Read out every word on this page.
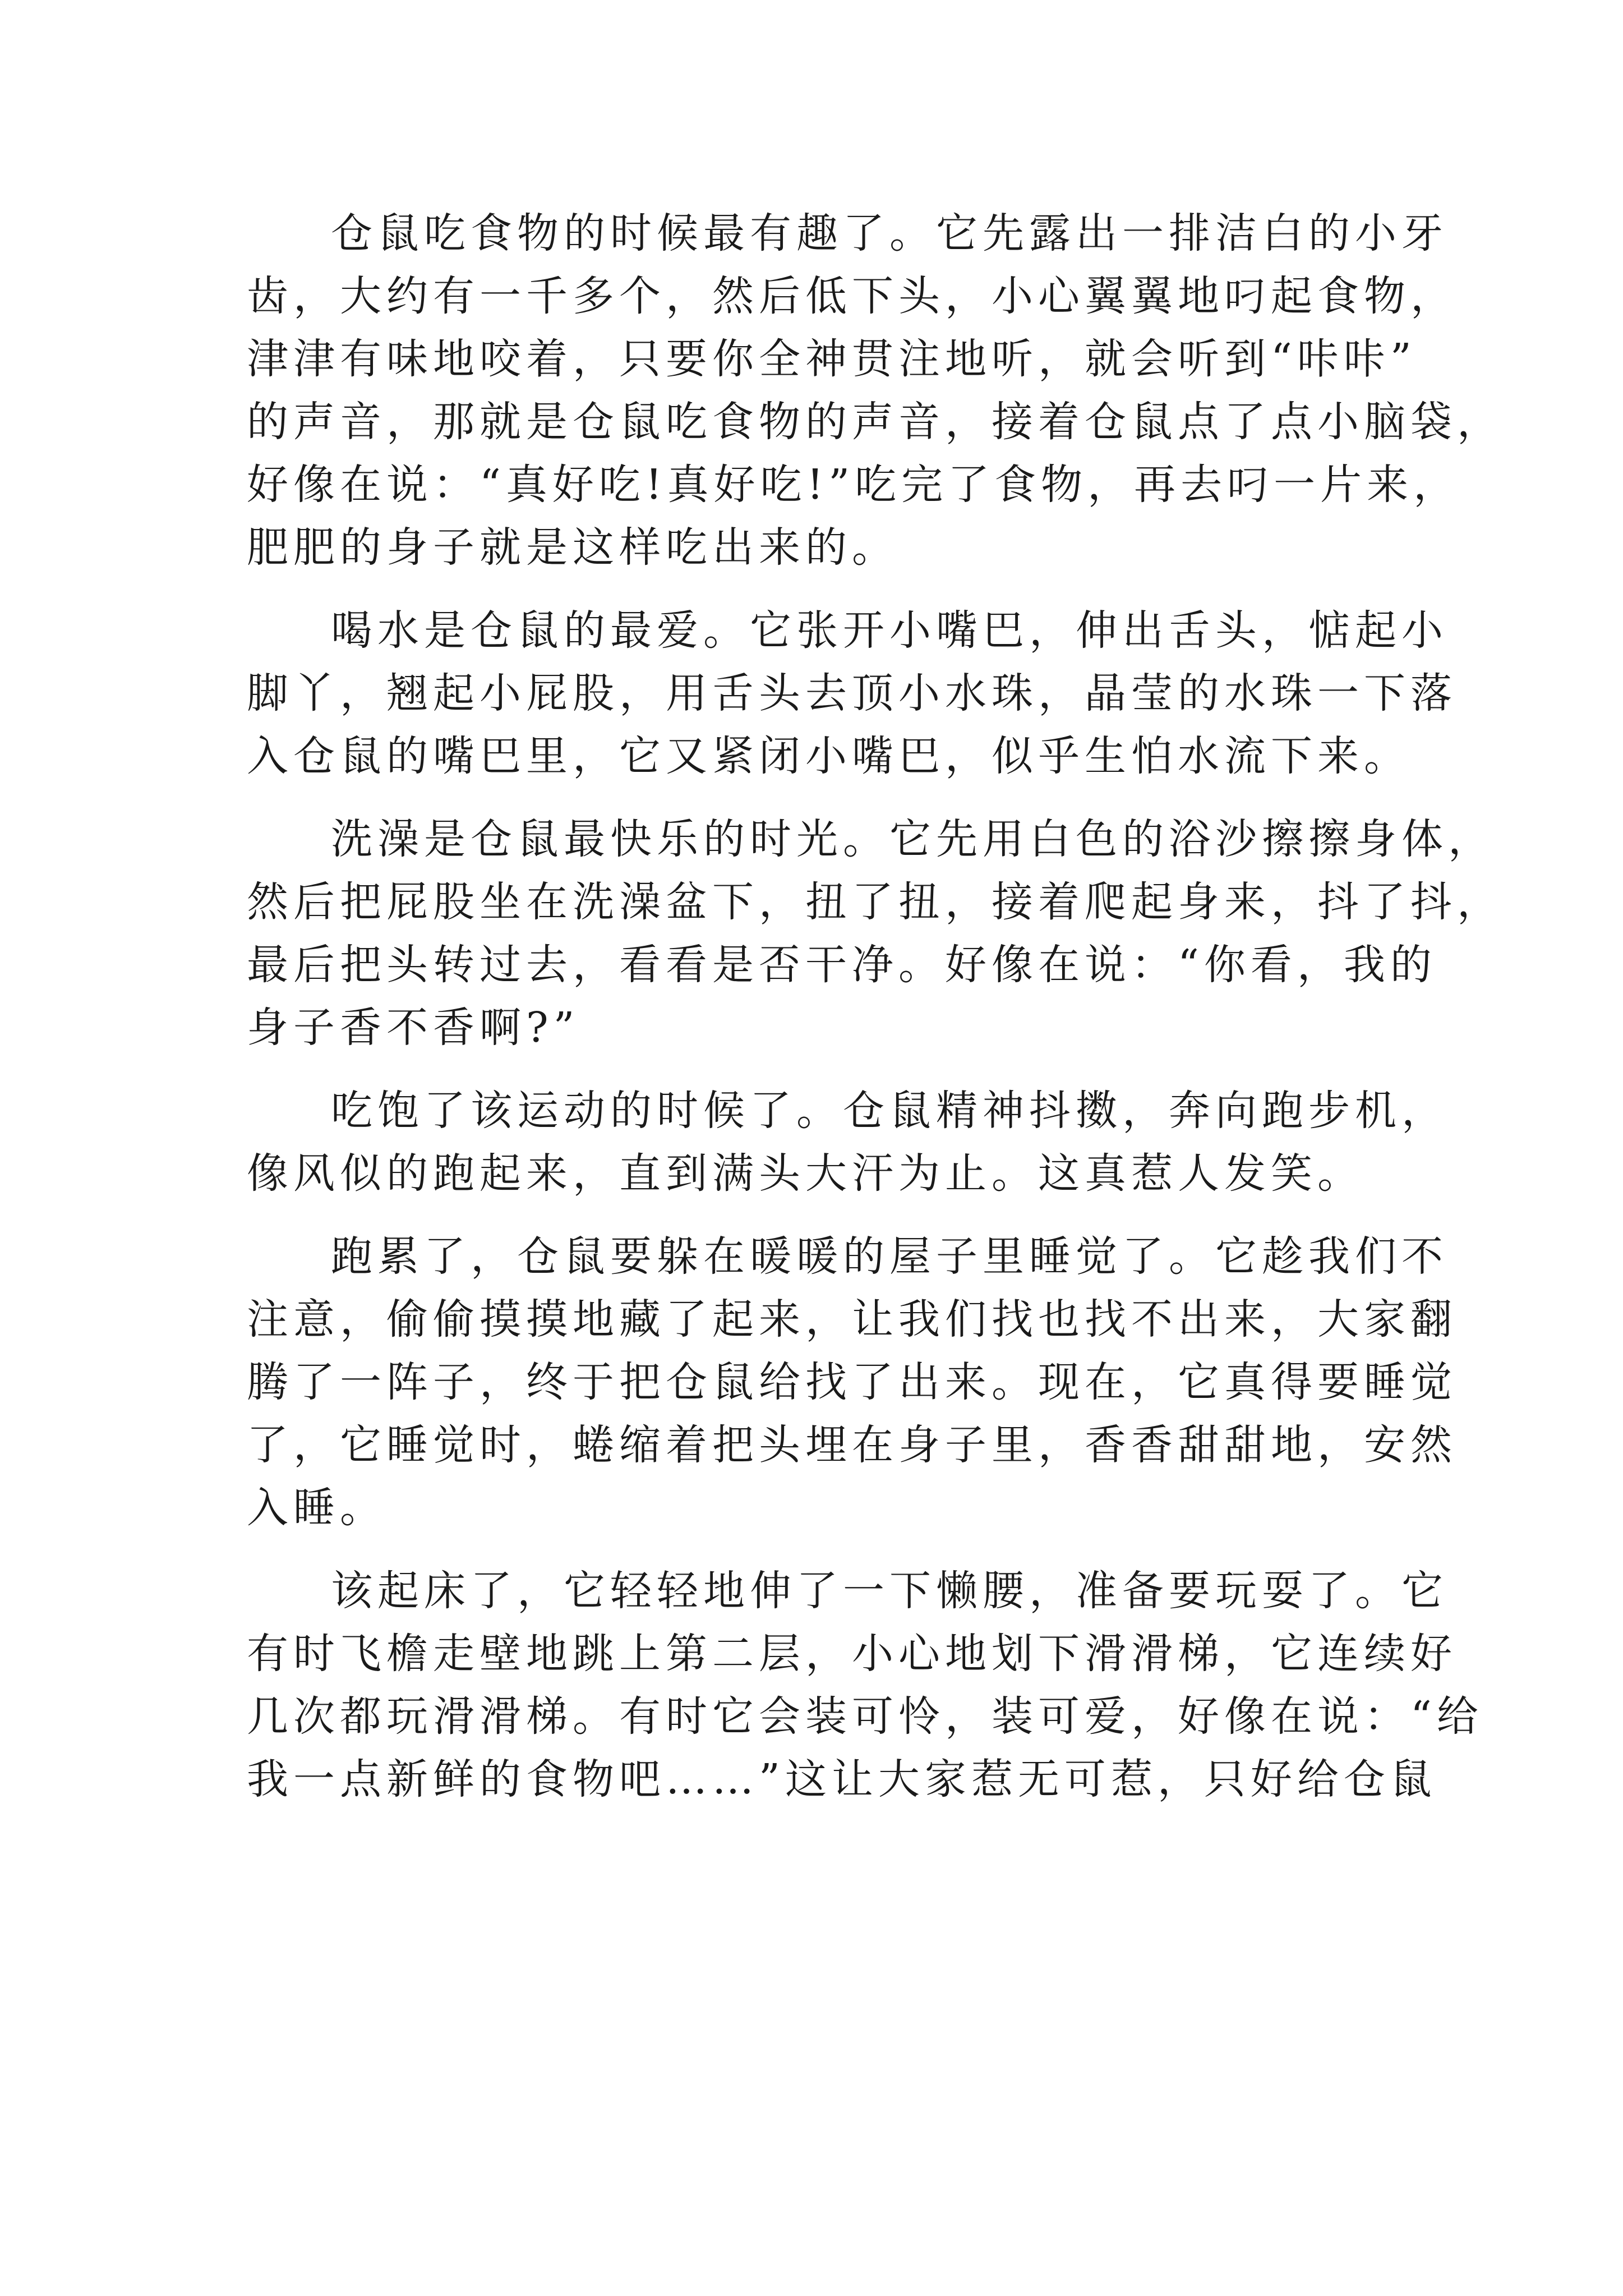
仓鼠吃食物的时候最有趣了。它先露出一排洁白的小牙
齿，大约有一千多个，然后低下头，小心翼翼地叼起食物，
津津有味地咬着，只要你全神贯注地听，就会听到“咔咔”
的声音，那就是仓鼠吃食物的声音，接着仓鼠点了点小脑袋，
好像在说：“真好吃!真好吃!”吃完了食物，再去叼一片来，
肥肥的身子就是这样吃出来的。
喝水是仓鼠的最爱。它张开小嘴巴，伸出舌头，惦起小
脚丫，翘起小屁股，用舌头去顶小水珠，晶莹的水珠一下落
入仓鼠的嘴巴里，它又紧闭小嘴巴，似乎生怕水流下来。
洗澡是仓鼠最快乐的时光。它先用白色的浴沙擦擦身体，
然后把屁股坐在洗澡盆下，扭了扭，接着爬起身来，抖了抖，
最后把头转过去，看看是否干净。好像在说：“你看，我的
身子香不香啊?”
吃饱了该运动的时候了。仓鼠精神抖擞，奔向跑步机，
像风似的跑起来，直到满头大汗为止。这真惹人发笑。
跑累了，仓鼠要躲在暖暖的屋子里睡觉了。它趁我们不
注意，偷偷摸摸地藏了起来，让我们找也找不出来，大家翻
腾了一阵子，终于把仓鼠给找了出来。现在，它真得要睡觉
了，它睡觉时，蜷缩着把头埋在身子里，香香甜甜地，安然
入睡。
该起床了，它轻轻地伸了一下懒腰，准备要玩耍了。它
有时飞檐走壁地跳上第二层，小心地划下滑滑梯，它连续好
几次都玩滑滑梯。有时它会装可怜，装可爱，好像在说：“给
我一点新鲜的食物吧……”这让大家惹无可惹，只好给仓鼠
